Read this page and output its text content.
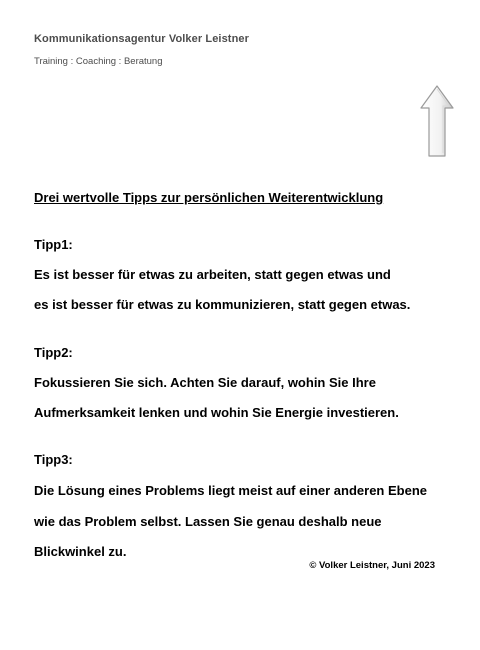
Kommunikationsagentur Volker Leistner
Training : Coaching : Beratung
Drei wertvolle Tipps zur persönlichen Weiterentwicklung
Tipp1:
Es ist besser für etwas zu arbeiten, statt gegen etwas und
es ist besser für etwas zu kommunizieren, statt gegen etwas.
Tipp2:
Fokussieren Sie sich. Achten Sie darauf, wohin Sie Ihre
Aufmerksamkeit lenken und wohin Sie Energie investieren.
Tipp3:
Die Lösung eines Problems liegt meist auf einer anderen Ebene
wie das Problem selbst. Lassen Sie genau deshalb neue
Blickwinkel zu.
© Volker Leistner, Juni 2023
